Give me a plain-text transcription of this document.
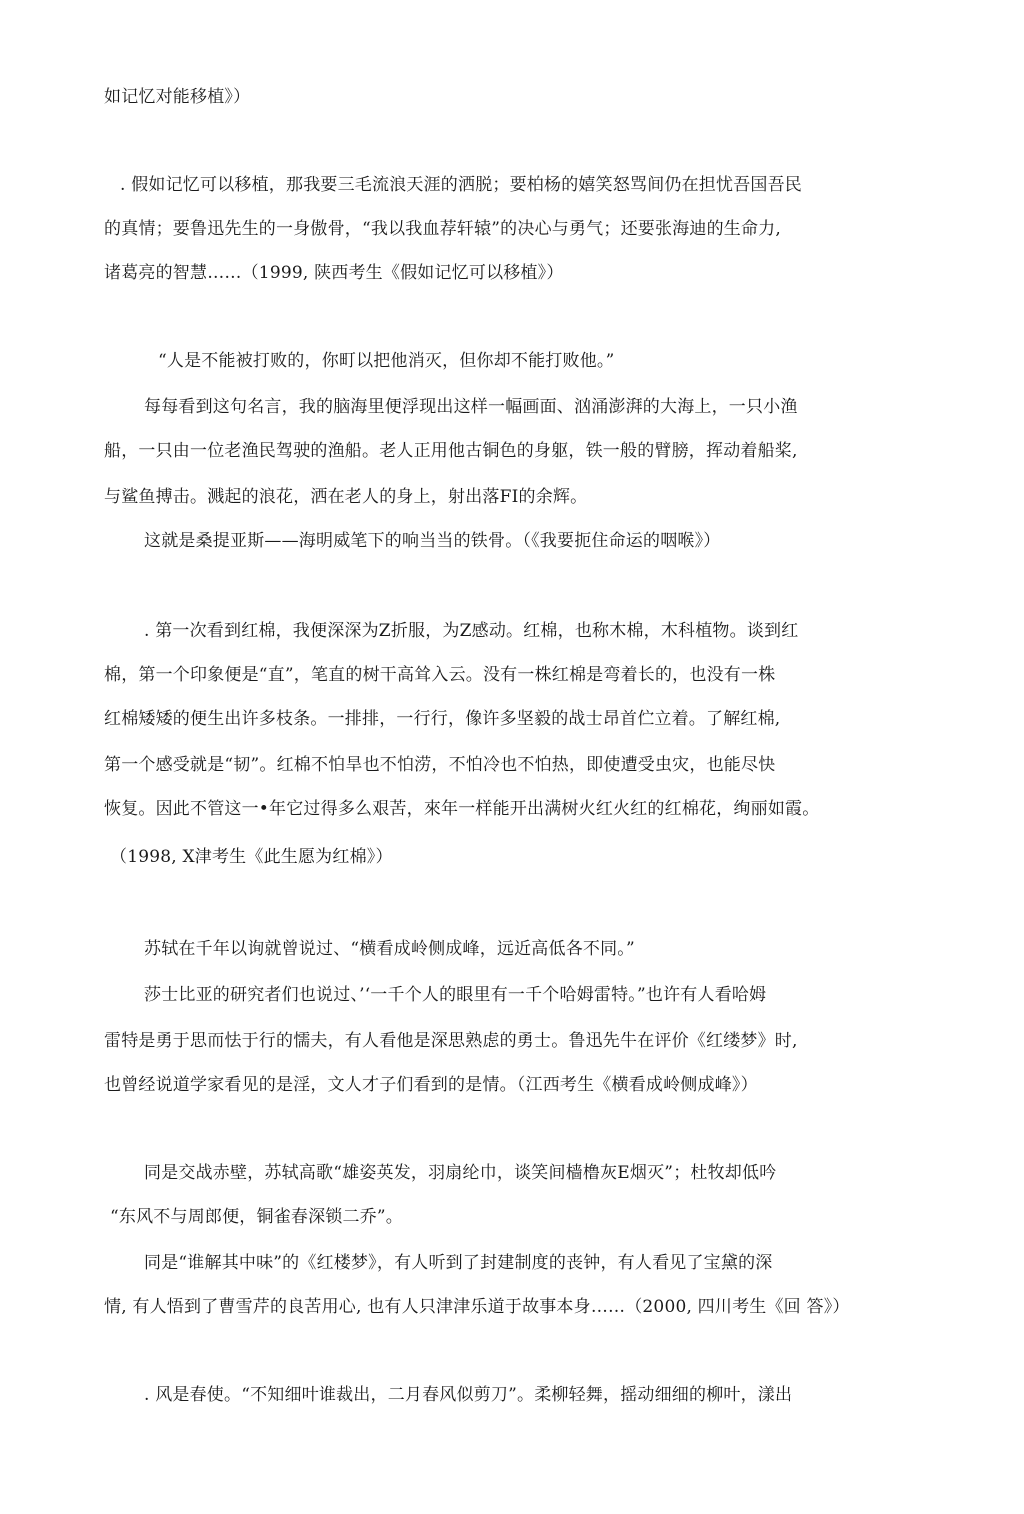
如记忆对能移植》）
. 假如记忆可以移植，那我要三毛流浪天涯的洒脱；要柏杨的嬉笑怒骂间仍在担忧吾国吾民
的真情；要鲁迅先生的一身傲骨，“我以我血荐轩辕”的决心与勇气；还要张海迪的生命力,
诸葛亮的智慧……（1999, 陕西考生《假如记忆可以移植》）
“人是不能被打败的，你町以把他消灭，但你却不能打败他。”
每每看到这句名言，我的脑海里便浮现出这样一幅画面、汹涌澎湃的大海上，一只小渔
船，一只由一位老渔民驾驶的渔船。老人正用他古铜色的身躯，铁一般的臂膀，挥动着船桨,
与鲨鱼搏击。溅起的浪花，洒在老人的身上，射出落FI的余辉。
这就是桑提亚斯——海明威笔下的响当当的铁骨。（《我要扼住命运的咽喉》）
. 第一次看到红棉，我便深深为Z折服，为Z感动。红棉，也称木棉，木科植物。谈到红
棉，第一个印象便是“直”，笔直的树干高耸入云。没有一株红棉是弯着长的，也没有一株
红棉矮矮的便生出许多枝条。一排排，一行行，像许多坚毅的战士昂首伫立着。了解红棉,
第一个感受就是“韧”。红棉不怕旱也不怕涝，不怕冷也不怕热，即使遭受虫灾，也能尽快
恢复。因此不管这一•年它过得多么艰苦，來年一样能开出满树火红火红的红棉花，绚丽如霞。
（1998, X津考生《此生愿为红棉》）
苏轼在千年以询就曾说过、“横看成岭侧成峰，远近高低各不同。”
莎士比亚的研究者们也说过、’‘一千个人的眼里有一千个哈姆雷特。”也许有人看哈姆
雷特是勇于思而怯于行的懦夫，有人看他是深思熟虑的勇士。鲁迅先牛在评价《红缕梦》时,
也曾经说道学家看见的是淫，文人才子们看到的是情。（江西考生《横看成岭侧成峰》）
同是交战赤壁，苏轼高歌“雄姿英发，羽扇纶巾，谈笑间樯橹灰E烟灭”；杜牧却低吟
“东风不与周郎便，铜雀春深锁二乔”。
同是“谁解其中味”的《红楼梦》，有人听到了封建制度的丧钟，有人看见了宝黛的深
情, 有人悟到了曹雪芹的良苦用心, 也有人只津津乐道于故事本身……（2000, 四川考生《回 答》）
. 风是春使。“不知细叶谁裁出，二月春风似剪刀”。柔柳轻舞，摇动细细的柳叶，漾出
